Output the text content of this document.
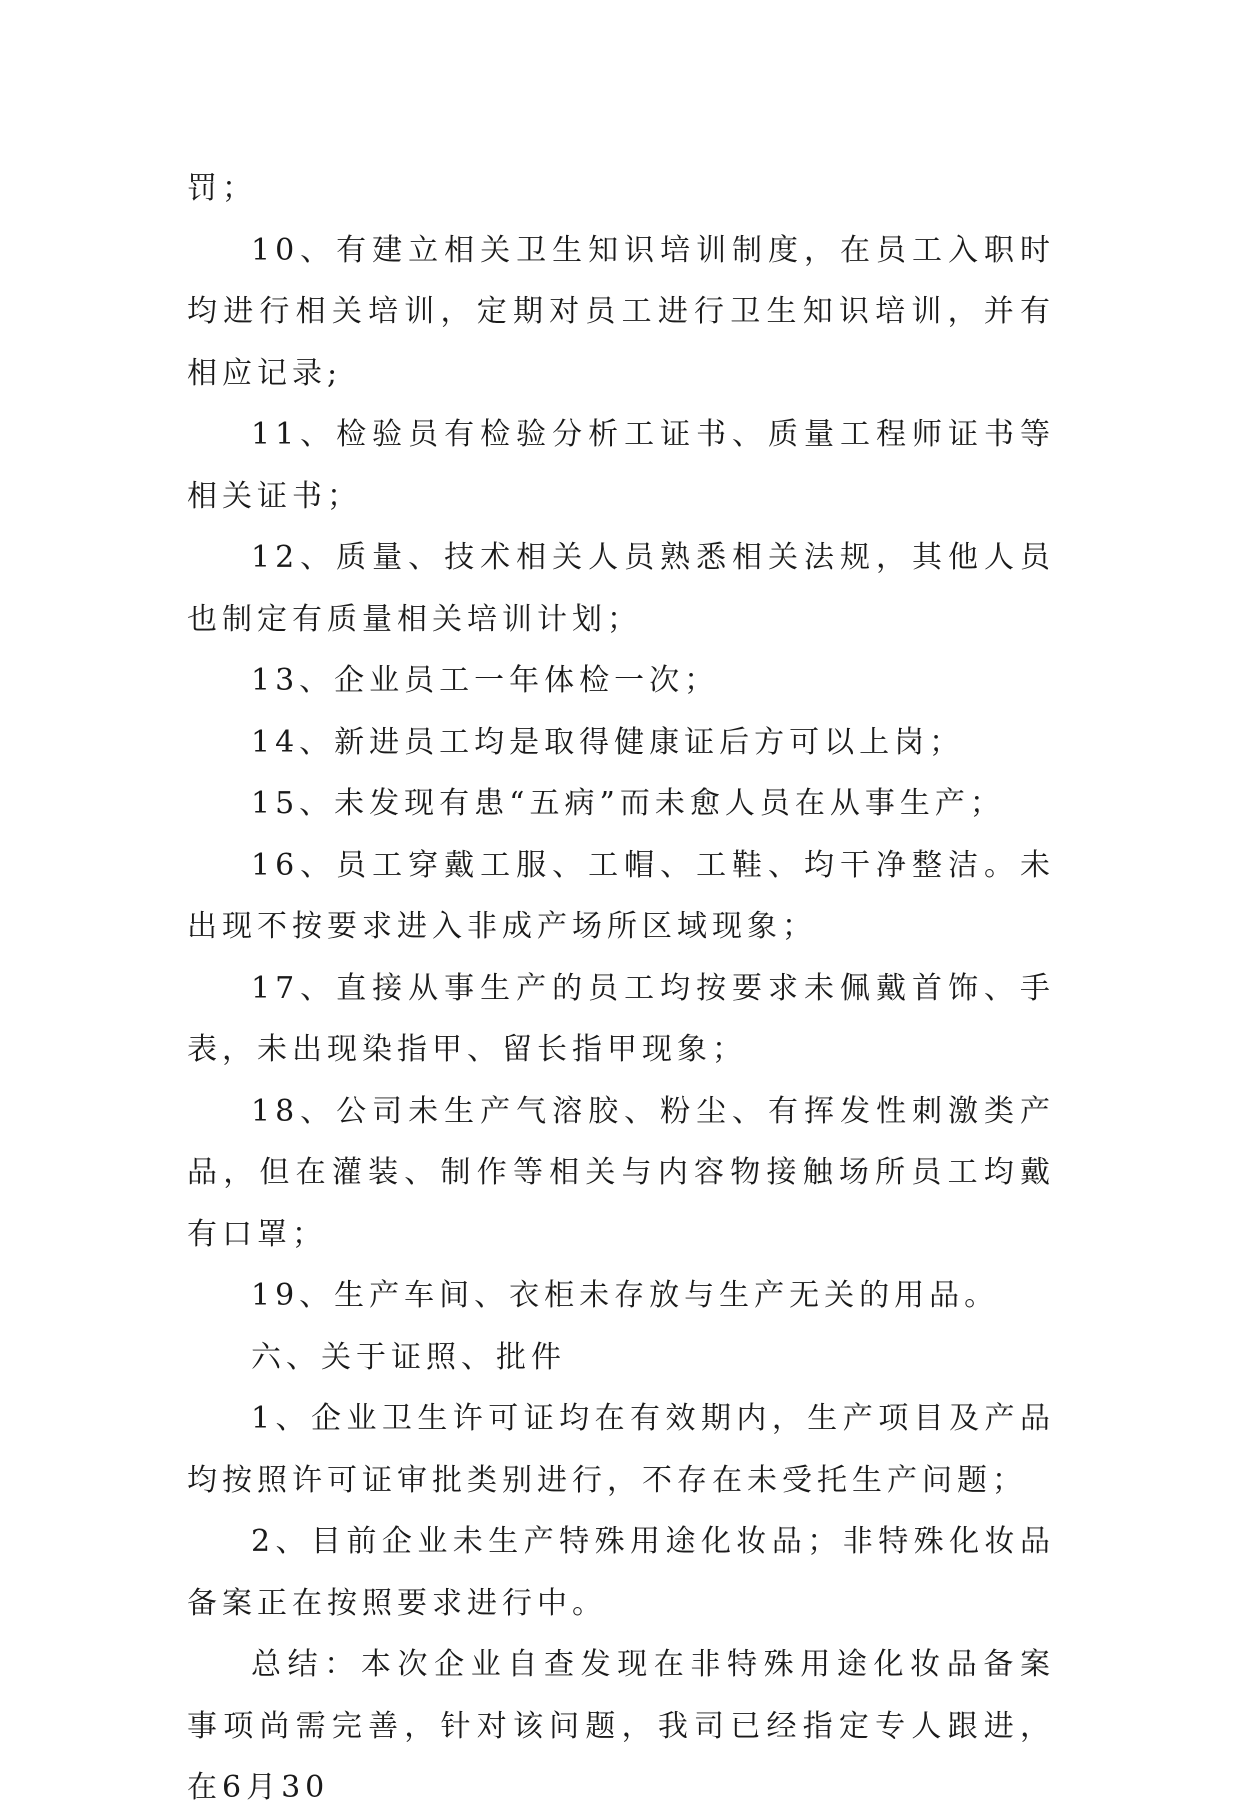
罚；

10、有建立相关卫生知识培训制度，在员工入职时均进行相关培训，定期对员工进行卫生知识培训，并有相应记录;

11、检验员有检验分析工证书、质量工程师证书等相关证书；

12、质量、技术相关人员熟悉相关法规，其他人员也制定有质量相关培训计划；

13、企业员工一年体检一次；

14、新进员工均是取得健康证后方可以上岗；

15、未发现有患“五病”而未愈人员在从事生产；

16、员工穿戴工服、工帽、工鞋、均干净整洁。未出现不按要求进入非成产场所区域现象；

17、直接从事生产的员工均按要求未佩戴首饰、手表，未出现染指甲、留长指甲现象；

18、公司未生产气溶胶、粉尘、有挥发性刺激类产品，但在灌装、制作等相关与内容物接触场所员工均戴有口罩；

19、生产车间、衣柜未存放与生产无关的用品。

六、关于证照、批件

1、企业卫生许可证均在有效期内，生产项目及产品均按照许可证审批类别进行，不存在未受托生产问题；

2、目前企业未生产特殊用途化妆品；非特殊化妆品备案正在按照要求进行中。

总结：本次企业自查发现在非特殊用途化妆品备案事项尚需完善，针对该问题，我司已经指定专人跟进，在6月30
